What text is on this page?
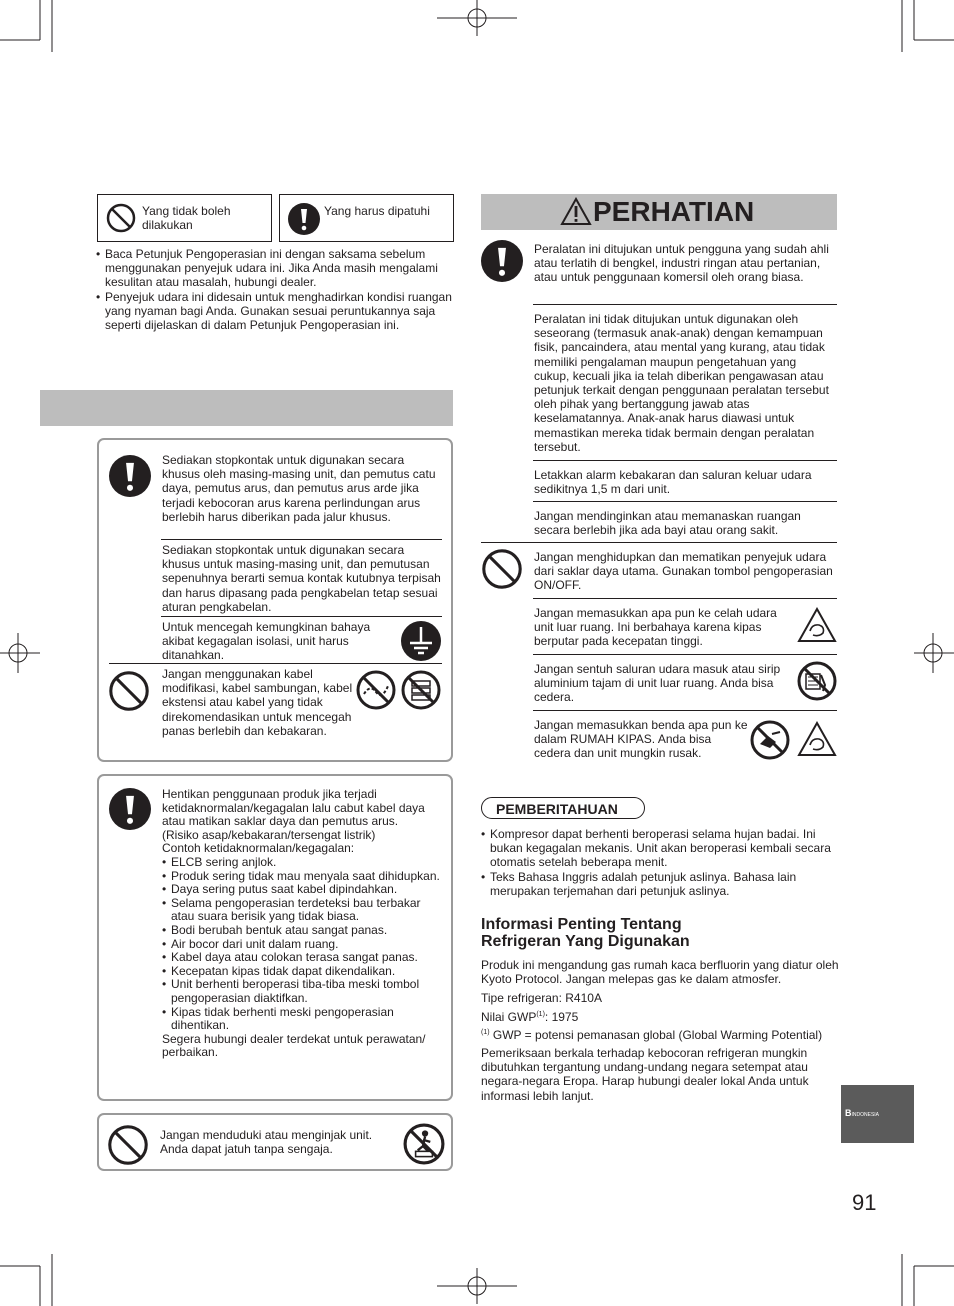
Yang tidak boleh dilakukan
Yang harus dipatuhi
• Baca Petunjuk Pengoperasian ini dengan saksama sebelum menggunakan penyejuk udara ini. Jika Anda masih mengalami kesulitan atau masalah, hubungi dealer.
• Penyejuk udara ini didesain untuk menghadirkan kondisi ruangan yang nyaman bagi Anda. Gunakan sesuai peruntukannya saja seperti dijelaskan di dalam Petunjuk Pengoperasian ini.
Sediakan stopkontak untuk digunakan secara khusus oleh masing-masing unit, dan pemutus catu daya, pemutus arus, dan pemutus arus arde jika terjadi kebocoran arus karena perlindungan arus berlebih harus diberikan pada jalur khusus.
Sediakan stopkontak untuk digunakan secara khusus untuk masing-masing unit, dan pemutusan sepenuhnya berarti semua kontak kutubnya terpisah dan harus dipasang pada pengkabelan tetap sesuai aturan pengkabelan.
Untuk mencegah kemungkinan bahaya akibat kegagalan isolasi, unit harus ditanahkan.
Jangan menggunakan kabel modifikasi, kabel sambungan, kabel ekstensi atau kabel yang tidak direkomendasikan untuk mencegah panas berlebih dan kebakaran.
Hentikan penggunaan produk jika terjadi ketidaknormalan/kegagalan lalu cabut kabel daya atau matikan saklar daya dan pemutus arus.
(Risiko asap/kebakaran/tersengat listrik)
Contoh ketidaknormalan/kegagalan:
• ELCB sering anjlok.
• Produk sering tidak mau menyala saat dihidupkan.
• Daya sering putus saat kabel dipindahkan.
• Selama pengoperasian terdeteksi bau terbakar atau suara berisik yang tidak biasa.
• Bodi berubah bentuk atau sangat panas.
• Air bocor dari unit dalam ruang.
• Kabel daya atau colokan terasa sangat panas.
• Kecepatan kipas tidak dapat dikendalikan.
• Unit berhenti beroperasi tiba-tiba meski tombol pengoperasian diaktifkan.
• Kipas tidak berhenti meski pengoperasian dihentikan.
Segera hubungi dealer terdekat untuk perawatan/ perbaikan.
Jangan menduduki atau menginjak unit. Anda dapat jatuh tanpa sengaja.
PERHATIAN
Peralatan ini ditujukan untuk pengguna yang sudah ahli atau terlatih di bengkel, industri ringan atau pertanian, atau untuk penggunaan komersil oleh orang biasa.
Peralatan ini tidak ditujukan untuk digunakan oleh seseorang (termasuk anak-anak) dengan kemampuan fisik, pancaindera, atau mental yang kurang, atau tidak memiliki pengalaman maupun pengetahuan yang cukup, kecuali jika ia telah diberikan pengawasan atau petunjuk terkait dengan penggunaan peralatan tersebut oleh pihak yang bertanggung jawab atas keselamatannya. Anak-anak harus diawasi untuk memastikan mereka tidak bermain dengan peralatan tersebut.
Letakkan alarm kebakaran dan saluran keluar udara sedikitnya 1,5 m dari unit.
Jangan mendinginkan atau memanaskan ruangan secara berlebih jika ada bayi atau orang sakit.
Jangan menghidupkan dan mematikan penyejuk udara dari saklar daya utama. Gunakan tombol pengoperasian ON/OFF.
Jangan memasukkan apa pun ke celah udara unit luar ruang. Ini berbahaya karena kipas berputar pada kecepatan tinggi.
Jangan sentuh saluran udara masuk atau sirip aluminium tajam di unit luar ruang. Anda bisa cedera.
Jangan memasukkan benda apa pun ke dalam RUMAH KIPAS. Anda bisa cedera dan unit mungkin rusak.
PEMBERITAHUAN
• Kompresor dapat berhenti beroperasi selama hujan badai. Ini bukan kegagalan mekanis. Unit akan beroperasi kembali secara otomatis setelah beberapa menit.
• Teks Bahasa Inggris adalah petunjuk aslinya. Bahasa lain merupakan terjemahan dari petunjuk aslinya.
Informasi Penting Tentang
Refrigeran Yang Digunakan
Produk ini mengandung gas rumah kaca berfluorin yang diatur oleh Kyoto Protocol. Jangan melepas gas ke dalam atmosfer.
Tipe refrigeran: R410A
Nilai GWP$^{(1)}$: 1975
$^{(1)}$ GWP = potensi pemanasan global (Global Warming Potential)
Pemeriksaan berkala terhadap kebocoran refrigeran mungkin dibutuhkan tergantung undang-undang negara setempat atau negara-negara Eropa. Harap hubungi dealer lokal Anda untuk informasi lebih lanjut.
BINDONESIA
91
